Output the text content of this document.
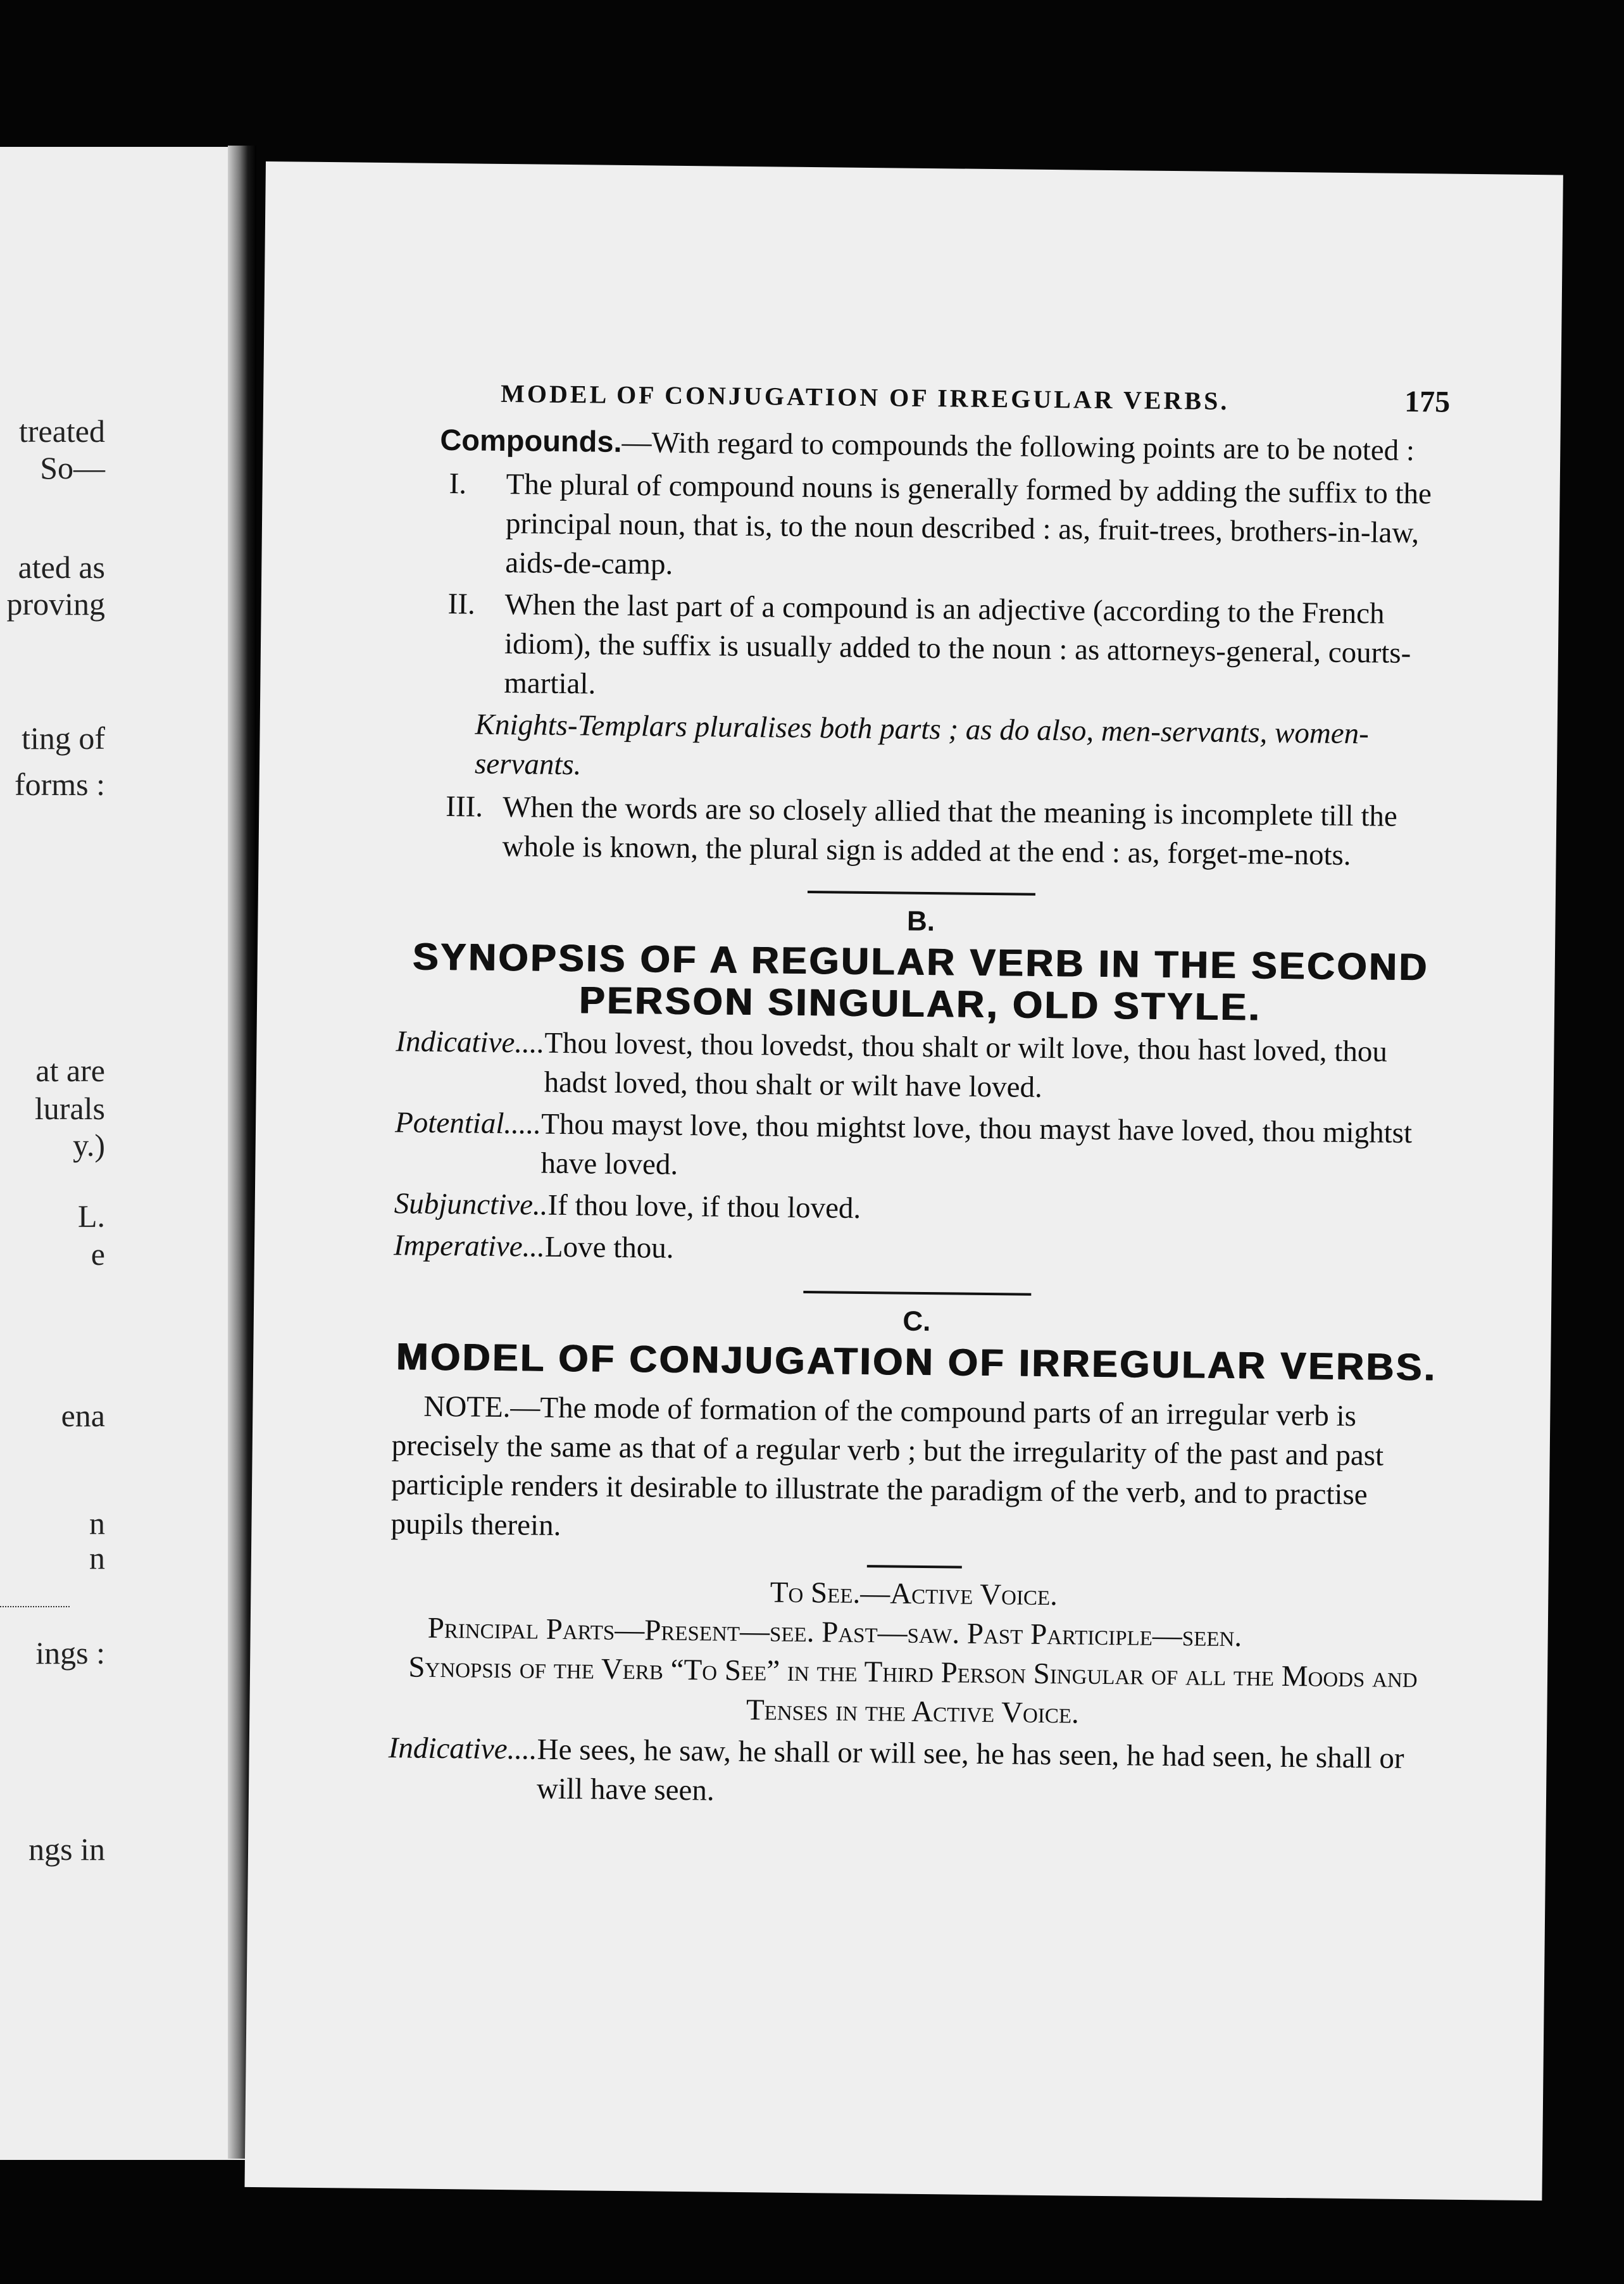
treated
So—
ated as
proving
ting of
forms :
at are
lurals
y.)
L.
e
ena
n
n
ings :
ngs in
MODEL OF CONJUGATION OF IRREGULAR VERBS.	175

Compounds.—With regard to compounds the following points are to be noted :

I. The plural of compound nouns is generally formed by adding the suffix to the principal noun, that is, to the noun described : as, fruit-trees, brothers-in-law, aids-de-camp.
II. When the last part of a compound is an adjective (according to the French idiom), the suffix is usually added to the noun : as attorneys-general, courts-martial.

Knights-Templars pluralises both parts ; as do also, men-servants, women-servants.

III. When the words are so closely allied that the meaning is incomplete till the whole is known, the plural sign is added at the end : as, forget-me-nots.
B.
SYNOPSIS OF A REGULAR VERB IN THE SECOND PERSON SINGULAR, OLD STYLE.
Indicative.... Thou lovest, thou lovedst, thou shalt or wilt love, thou hast loved, thou hadst loved, thou shalt or wilt have loved.
Potential..... Thou mayst love, thou mightst love, thou mayst have loved, thou mightst have loved.
Subjunctive.. If thou love, if thou loved.
Imperative... Love thou.
C.
MODEL OF CONJUGATION OF IRREGULAR VERBS.

NOTE.—The mode of formation of the compound parts of an irregular verb is precisely the same as that of a regular verb ; but the irregularity of the past and past participle renders it desirable to illustrate the paradigm of the verb, and to practise pupils therein.

To See.—Active Voice.

Principal Parts—Present—see. Past—saw. Past Participle—seen.

Synopsis of the Verb “To See” in the Third Person Singular of all the Moods and Tenses in the Active Voice.

Indicative.... He sees, he saw, he shall or will see, he has seen, he had seen, he shall or will have seen.
